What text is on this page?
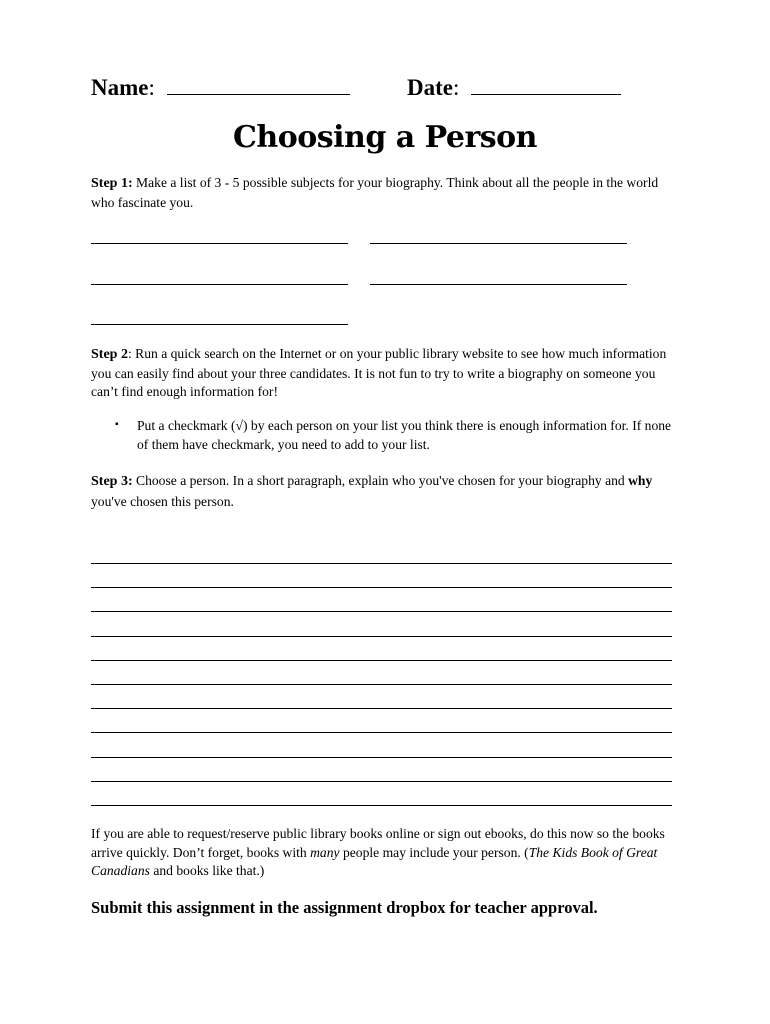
Name:	Date:
Choosing a Person
Step 1: Make a list of 3 - 5 possible subjects for your biography. Think about all the people in the world who fascinate you.
Step 2: Run a quick search on the Internet or on your public library website to see how much information you can easily find about your three candidates. It is not fun to try to write a biography on someone you can’t find enough information for!
▪	Put a checkmark (√) by each person on your list you think there is enough information for. If none of them have checkmark, you need to add to your list.
Step 3: Choose a person. In a short paragraph, explain who you've chosen for your biography and why you've chosen this person.
If you are able to request/reserve public library books online or sign out ebooks, do this now so the books arrive quickly. Don’t forget, books with many people may include your person. (The Kids Book of Great Canadians and books like that.)
Submit this assignment in the assignment dropbox for teacher approval.
